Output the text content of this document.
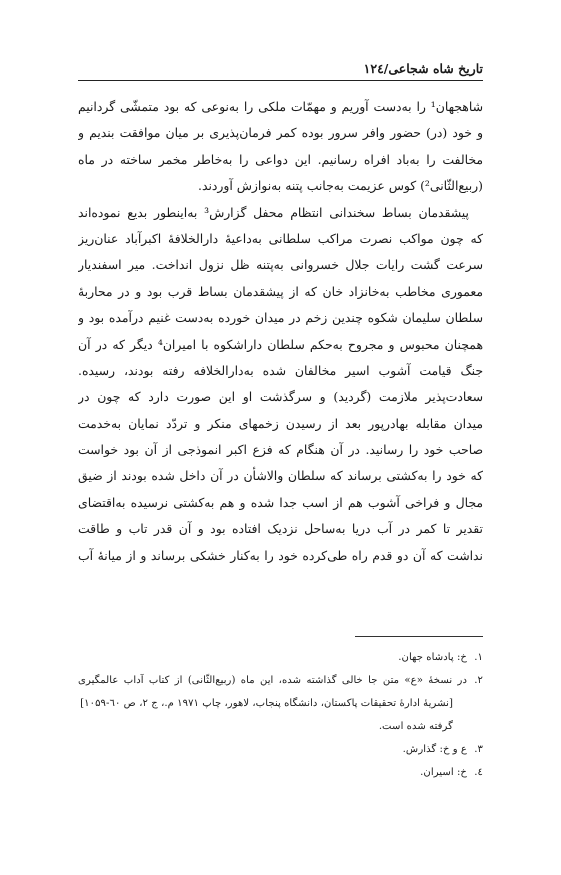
تاریخ شاه شجاعی/۱۲٤
شاهجهان¹ را به‌دست آوریم و مهمّات ملکی را به‌نوعی که بود متمشّی گردانیم
و خود (در) حضور وافر سرور بوده کمر فرمان‌پذیری بر میان موافقت بندیم و
مخالفت را به‌باد افراه رسانیم. این دواعی را به‌خاطر مخمر ساخته در ماه
(ربیع‌الثّانی²) کوس عزیمت به‌جانب پتنه به‌نوازش آوردند.
پیشقدمان بساط سخندانی انتظام محفل گزارش³ به‌اینطور بدیع نموده‌اند
که چون مواکب نصرت مراکب سلطانی به‌داعیهٔ دارالخلافهٔ اکبرآباد عنان‌ریز
سرعت گشت رایات جلال خسروانی به‌پتنه ظل نزول انداخت. میر اسفندیار
معموری مخاطب به‌خانزاد خان که از پیشقدمان بساط قرب بود و در محاربهٔ
سلطان سلیمان شکوه چندین زخم در میدان خورده به‌دست غنیم درآمده بود و
همچنان محبوس و مجروح به‌حکم سلطان داراشکوه با امیران⁴ دیگر که در آن
جنگ قیامت آشوب اسیر مخالفان شده به‌دارالخلافه رفته بودند، رسیده.
سعادت‌پذیر ملازمت (گردید) و سرگذشت او این صورت دارد که چون در
میدان مقابله بهادرپور بعد از رسیدن زخمهای منکر و تردّد نمایان به‌خدمت
صاحب خود را رسانید. در آن هنگام که فزع اکبر انموذجی از آن بود خواست
که خود را به‌کشتی برساند که سلطان والاشأن در آن داخل شده بودند از ضیق
مجال و فراخی آشوب هم از اسب جدا شده و هم به‌کشتی نرسیده به‌اقتضای
تقدیر تا کمر در آب دریا به‌ساحل نزدیک افتاده بود و آن قدر تاب و طاقت
نداشت که آن دو قدم راه طی‌کرده خود را به‌کنار خشکی برساند و از میانهٔ آب
۱.
خ: پادشاه جهان.
۲.
در نسخهٔ «ع» متن جا خالی گذاشته شده، این ماه (ربیع‌الثّانی) از کتاب آداب عالمگیری
[نشریهٔ ادارهٔ تحقیقات پاکستان، دانشگاه پنجاب، لاهور، چاپ ۱۹۷۱ م.، ج ۲، ص ٦۰-۱۰۵۹]
گرفته شده است.
۳.
ع و خ: گذارش.
٤.
خ: اسیران.
